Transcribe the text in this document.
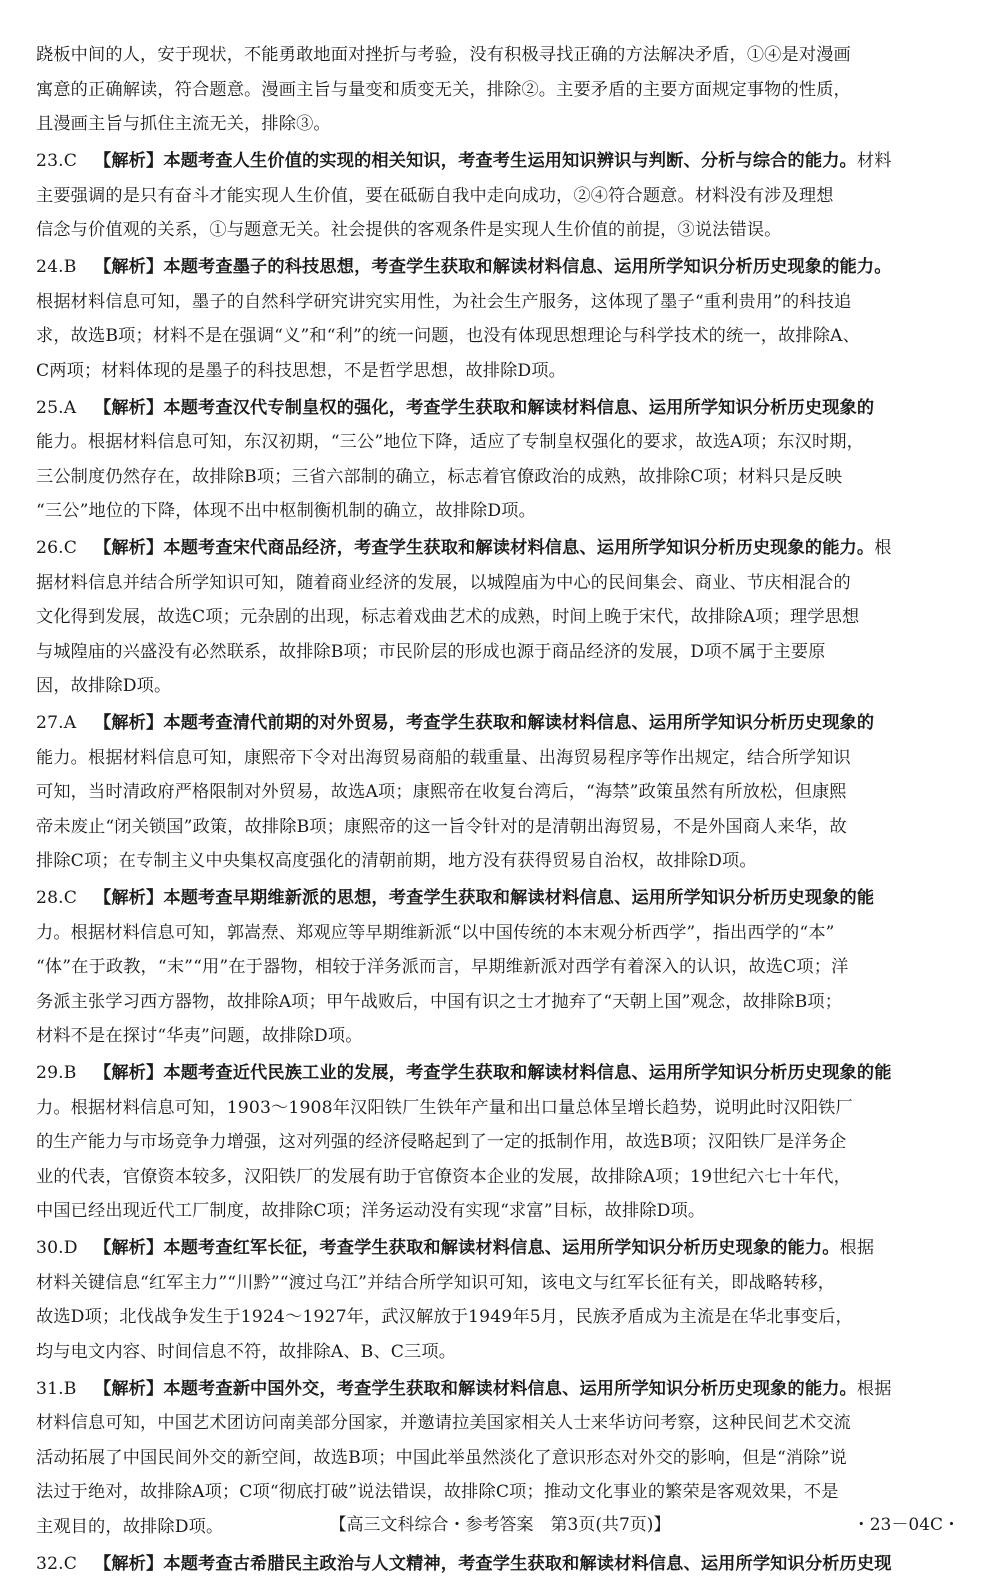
跷板中间的人，安于现状，不能勇敢地面对挫折与考验，没有积极寻找正确的方法解决矛盾，①④是对漫画
寓意的正确解读，符合题意。漫画主旨与量变和质变无关，排除②。主要矛盾的主要方面规定事物的性质，
且漫画主旨与抓住主流无关，排除③。
23.C 【解析】本题考查人生价值的实现的相关知识，考查考生运用知识辨识与判断、分析与综合的能力。材料
主要强调的是只有奋斗才能实现人生价值，要在砥砺自我中走向成功，②④符合题意。材料没有涉及理想
信念与价值观的关系，①与题意无关。社会提供的客观条件是实现人生价值的前提，③说法错误。
24.B 【解析】本题考查墨子的科技思想，考查学生获取和解读材料信息、运用所学知识分析历史现象的能力。
根据材料信息可知，墨子的自然科学研究讲究实用性，为社会生产服务，这体现了墨子“重利贵用”的科技追
求，故选B项；材料不是在强调“义”和“利”的统一问题，也没有体现思想理论与科学技术的统一，故排除A、
C两项；材料体现的是墨子的科技思想，不是哲学思想，故排除D项。
25.A 【解析】本题考查汉代专制皇权的强化，考查学生获取和解读材料信息、运用所学知识分析历史现象的
能力。根据材料信息可知，东汉初期，“三公”地位下降，适应了专制皇权强化的要求，故选A项；东汉时期，
三公制度仍然存在，故排除B项；三省六部制的确立，标志着官僚政治的成熟，故排除C项；材料只是反映
“三公”地位的下降，体现不出中枢制衡机制的确立，故排除D项。
26.C 【解析】本题考查宋代商品经济，考查学生获取和解读材料信息、运用所学知识分析历史现象的能力。根
据材料信息并结合所学知识可知，随着商业经济的发展，以城隍庙为中心的民间集会、商业、节庆相混合的
文化得到发展，故选C项；元杂剧的出现，标志着戏曲艺术的成熟，时间上晚于宋代，故排除A项；理学思想
与城隍庙的兴盛没有必然联系，故排除B项；市民阶层的形成也源于商品经济的发展，D项不属于主要原
因，故排除D项。
27.A 【解析】本题考查清代前期的对外贸易，考查学生获取和解读材料信息、运用所学知识分析历史现象的
能力。根据材料信息可知，康熙帝下令对出海贸易商船的载重量、出海贸易程序等作出规定，结合所学知识
可知，当时清政府严格限制对外贸易，故选A项；康熙帝在收复台湾后，“海禁”政策虽然有所放松，但康熙
帝未废止“闭关锁国”政策，故排除B项；康熙帝的这一旨令针对的是清朝出海贸易，不是外国商人来华，故
排除C项；在专制主义中央集权高度强化的清朝前期，地方没有获得贸易自治权，故排除D项。
28.C 【解析】本题考查早期维新派的思想，考查学生获取和解读材料信息、运用所学知识分析历史现象的能
力。根据材料信息可知，郭嵩焘、郑观应等早期维新派“以中国传统的本末观分析西学”，指出西学的“本”
“体”在于政教，“末”“用”在于器物，相较于洋务派而言，早期维新派对西学有着深入的认识，故选C项；洋
务派主张学习西方器物，故排除A项；甲午战败后，中国有识之士才抛弃了“天朝上国”观念，故排除B项；
材料不是在探讨“华夷”问题，故排除D项。
29.B 【解析】本题考查近代民族工业的发展，考查学生获取和解读材料信息、运用所学知识分析历史现象的能
力。根据材料信息可知，1903～1908年汉阳铁厂生铁年产量和出口量总体呈增长趋势，说明此时汉阳铁厂
的生产能力与市场竞争力增强，这对列强的经济侵略起到了一定的抵制作用，故选B项；汉阳铁厂是洋务企
业的代表，官僚资本较多，汉阳铁厂的发展有助于官僚资本企业的发展，故排除A项；19世纪六七十年代，
中国已经出现近代工厂制度，故排除C项；洋务运动没有实现“求富”目标，故排除D项。
30.D 【解析】本题考查红军长征，考查学生获取和解读材料信息、运用所学知识分析历史现象的能力。根据
材料关键信息“红军主力”“川黔”“渡过乌江”并结合所学知识可知，该电文与红军长征有关，即战略转移，
故选D项；北伐战争发生于1924～1927年，武汉解放于1949年5月，民族矛盾成为主流是在华北事变后，
均与电文内容、时间信息不符，故排除A、B、C三项。
31.B 【解析】本题考查新中国外交，考查学生获取和解读材料信息、运用所学知识分析历史现象的能力。根据
材料信息可知，中国艺术团访问南美部分国家，并邀请拉美国家相关人士来华访问考察，这种民间艺术交流
活动拓展了中国民间外交的新空间，故选B项；中国此举虽然淡化了意识形态对外交的影响，但是“消除”说
法过于绝对，故排除A项；C项“彻底打破”说法错误，故排除C项；推动文化事业的繁荣是客观效果，不是
主观目的，故排除D项。
32.C 【解析】本题考查古希腊民主政治与人文精神，考查学生获取和解读材料信息、运用所学知识分析历史现
【高三文科综合・参考答案　第3页(共7页)】	・23－04C・
